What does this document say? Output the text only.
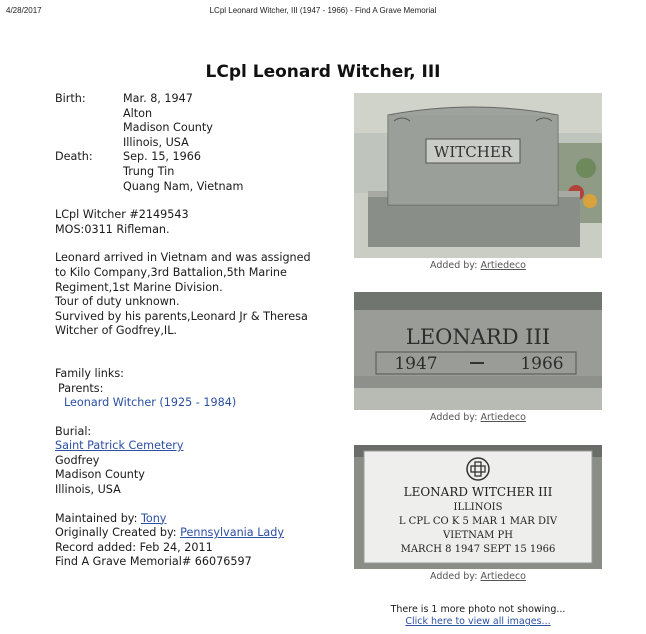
4/28/2017	LCpl Leonard Witcher, III (1947 - 1966) - Find A Grave Memorial
LCpl Leonard Witcher, III
Birth:	Mar. 8, 1947
Alton
Madison County
Illinois, USA
Death:	Sep. 15, 1966
Trung Tin
Quang Nam, Vietnam
LCpl Witcher #2149543
MOS:0311 Rifleman.
Leonard arrived in Vietnam and was assigned
to Kilo Company,3rd Battalion,5th Marine
Regiment,1st Marine Division.
Tour of duty unknown.
Survived by his parents,Leonard Jr & Theresa
Witcher of Godfrey,IL.
Family links:
Parents:
Leonard Witcher (1925 - 1984)
Burial:
Saint Patrick Cemetery
Godfrey
Madison County
Illinois, USA
Maintained by: Tony
Originally Created by: Pennsylvania Lady
Record added: Feb 24, 2011
Find A Grave Memorial# 66076597
WITCHER
Added by: Artiedeco
LEONARD III
1947	1966
Added by: Artiedeco
LEONARD WITCHER III
ILLINOIS
L CPL CO K 5 MAR 1 MAR DIV
VIETNAM PH
MARCH 8 1947 SEPT 15 1966
Added by: Artiedeco
There is 1 more photo not showing...
Click here to view all images...
